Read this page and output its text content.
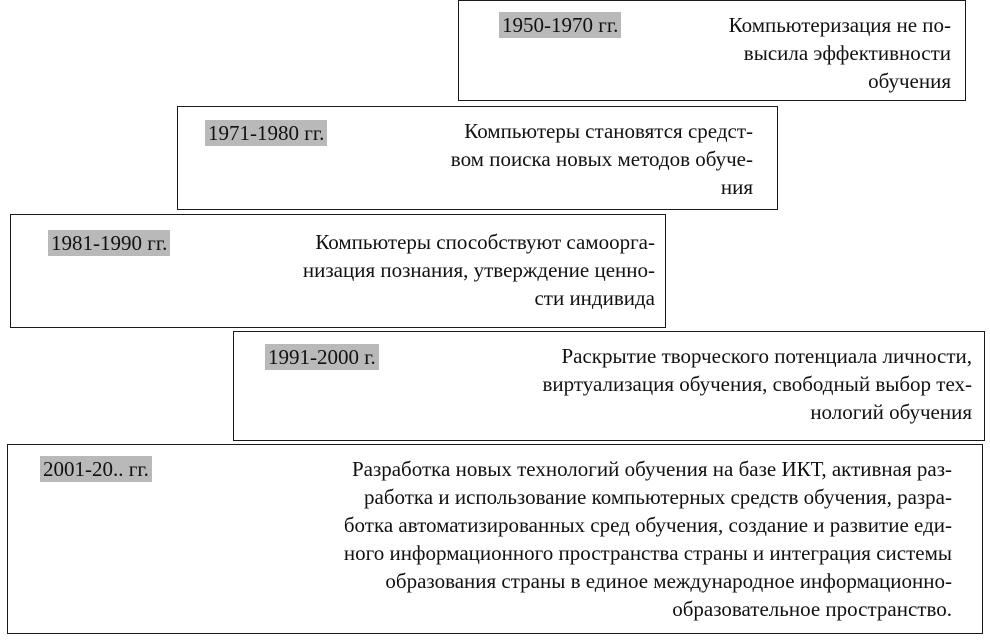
1950-1970 гг.	Компьютеризация не по-
высила эффективности
обучения
1971-1980 гг.	Компьютеры становятся средст-
вом поиска новых методов обуче-
ния
1981-1990 гг.	Компьютеры способствуют самоорга-
низация познания, утверждение ценно-
сти индивида
1991-2000 г.	Раскрытие творческого потенциала личности,
виртуализация обучения, свободный выбор тех-
нологий обучения
2001-20.. гг.	Разработка новых технологий обучения на базе ИКТ, активная раз-
работка и использование компьютерных средств обучения, разра-
ботка автоматизированных сред обучения, создание и развитие еди-
ного информационного пространства страны и интеграция системы
образования страны в единое международное информационно-
образовательное пространство.
